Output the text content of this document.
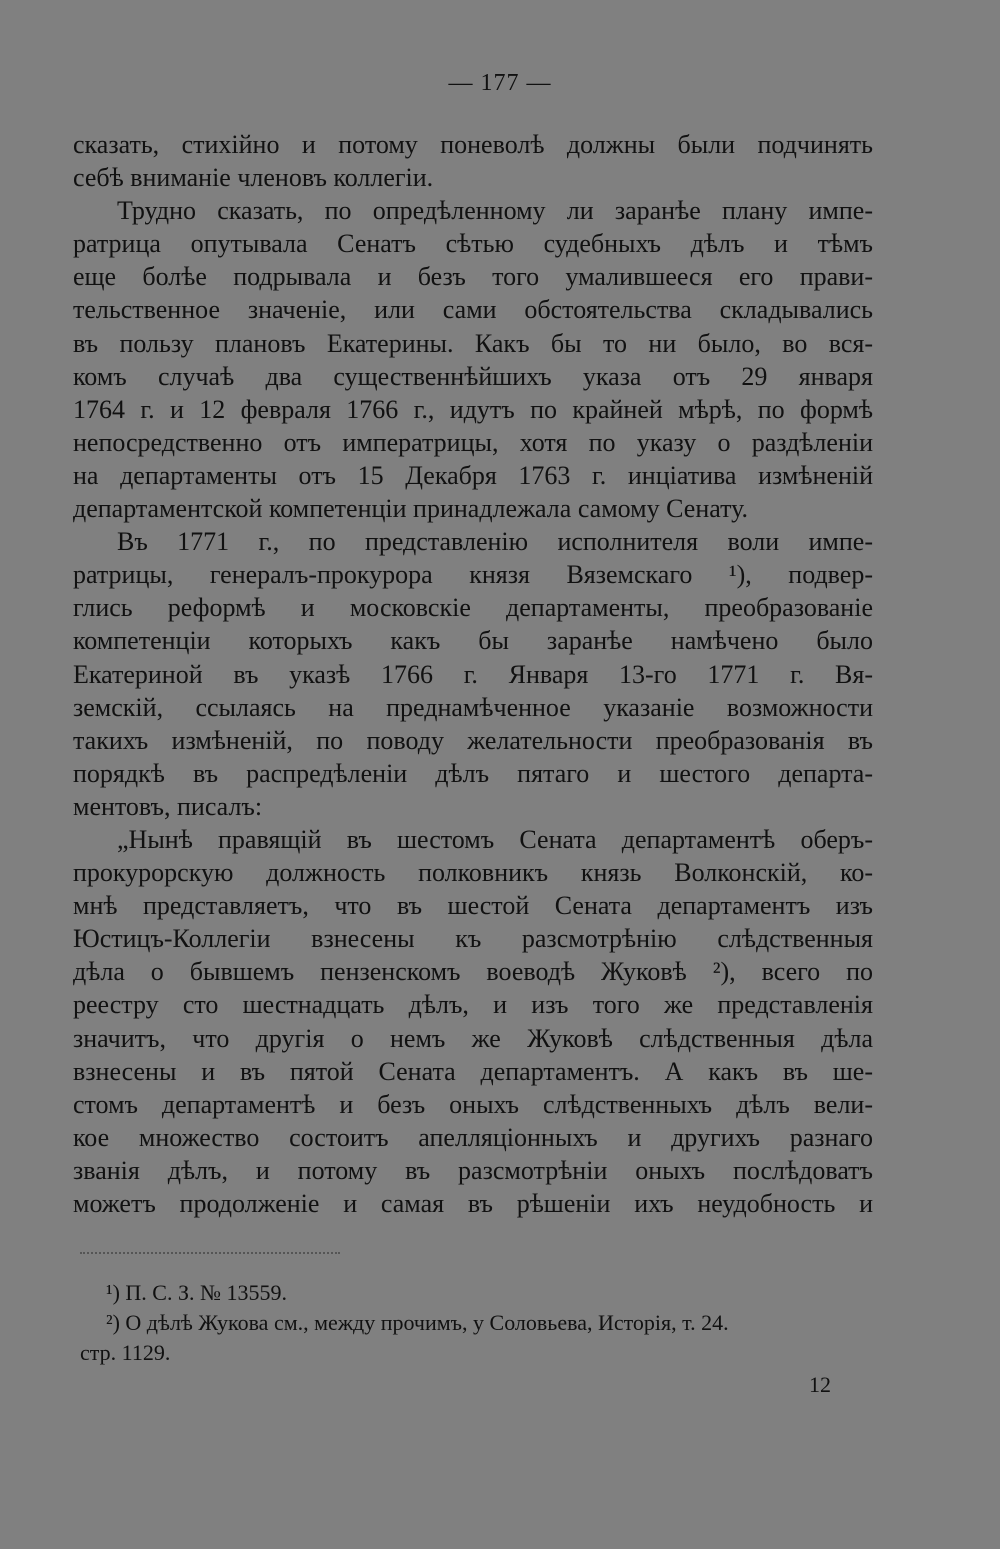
— 177 —
сказать, стихійно и потому поневолѣ должны были подчинять
себѣ вниманіе членовъ коллегіи.
Трудно сказать, по опредѣленному ли заранѣе плану импе-
ратрица опутывала Сенатъ сѣтью судебныхъ дѣлъ и тѣмъ
еще болѣе подрывала и безъ того умалившееся его прави-
тельственное значеніе, или сами обстоятельства складывались
въ пользу плановъ Екатерины. Какъ бы то ни было, во вся-
комъ случаѣ два существеннѣйшихъ указа отъ 29 января
1764 г. и 12 февраля 1766 г., идутъ по крайней мѣрѣ, по формѣ
непосредственно отъ императрицы, хотя по указу о раздѣленіи
на департаменты отъ 15 Декабря 1763 г. инціатива измѣненій
департаментской компетенціи принадлежала самому Сенату.
Въ 1771 г., по представленію исполнителя воли импе-
ратрицы, генералъ-прокурора князя Вяземскаго ¹), подвер-
глись реформѣ и московскіе департаменты, преобразованіе
компетенціи которыхъ какъ бы заранѣе намѣчено было
Екатериной въ указѣ 1766 г. Января 13-го 1771 г. Вя-
земскій, ссылаясь на преднамѣченное указаніе возможности
такихъ измѣненій, по поводу желательности преобразованія въ
порядкѣ въ распредѣленіи дѣлъ пятаго и шестого департа-
ментовъ, писалъ:
„Нынѣ правящій въ шестомъ Сената департаментѣ оберъ-
прокурорскую должность полковникъ князь Волконскій, ко-
мнѣ представляетъ, что въ шестой Сената департаментъ изъ
Юстицъ-Коллегіи взнесены къ разсмотрѣнію слѣдственныя
дѣла о бывшемъ пензенскомъ воеводѣ Жуковѣ ²), всего по
реестру сто шестнадцать дѣлъ, и изъ того же представленія
значитъ, что другія о немъ же Жуковѣ слѣдственныя дѣла
взнесены и въ пятой Сената департаментъ. А какъ въ ше-
стомъ департаментѣ и безъ оныхъ слѣдственныхъ дѣлъ вели-
кое множество состоитъ апелляціонныхъ и другихъ разнаго
званія дѣлъ, и потому въ разсмотрѣніи оныхъ послѣдоватъ
можетъ продолженіе и самая въ рѣшеніи ихъ неудобность и
¹) П. С. З. № 13559.
²) О дѣлѣ Жукова см., между прочимъ, у Соловьева, Исторія, т. 24.
стр. 1129.
12
